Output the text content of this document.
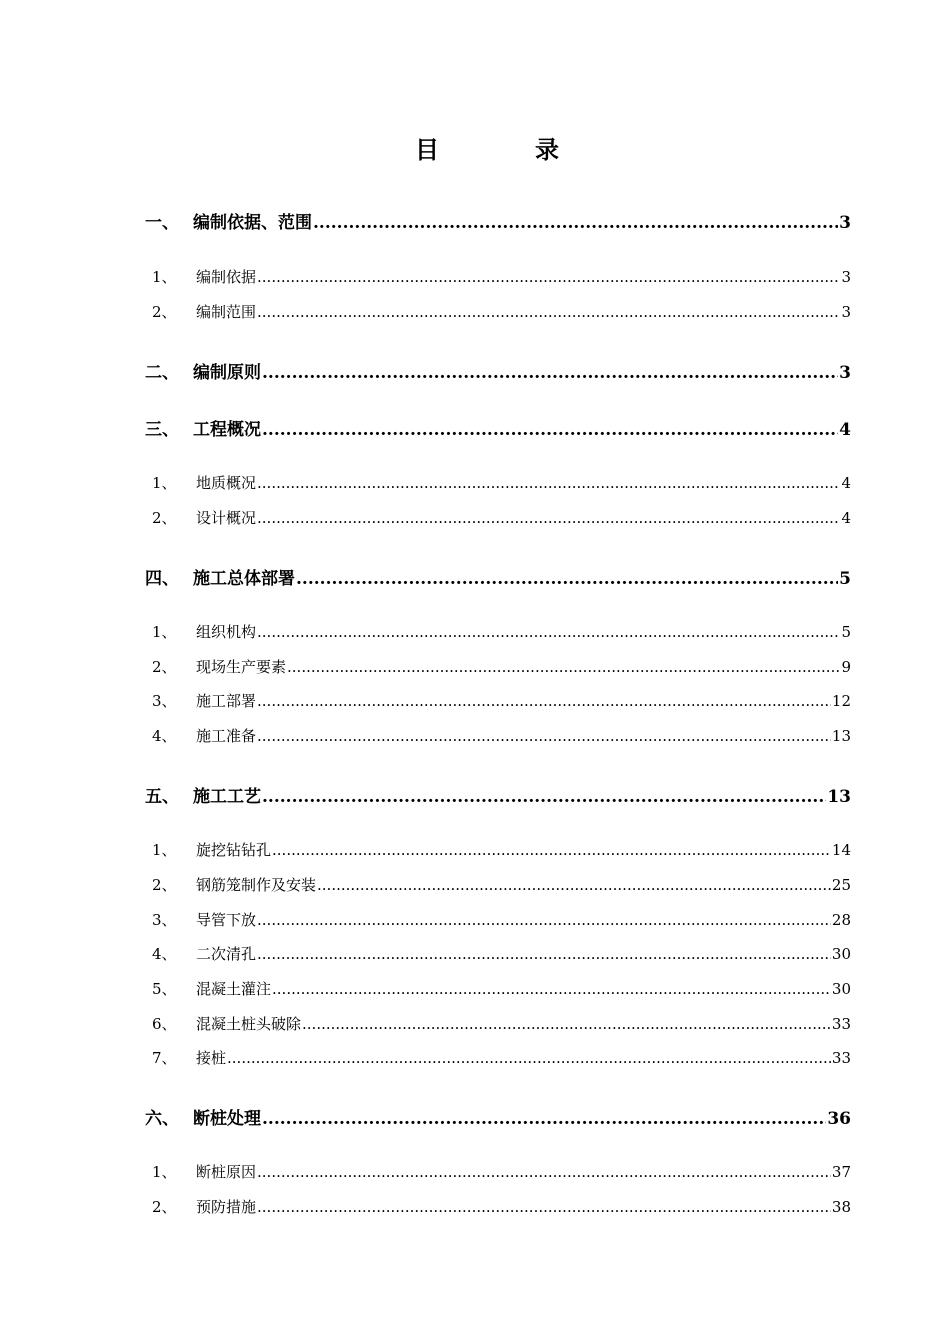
目　录
一、 编制依据、范围 .....	3
1、	编制依据 .....	3
2、	编制范围 .....	3
二、 编制原则 .....	3
三、 工程概况 .....	4
1、	地质概况 .....	4
2、	设计概况 .....	4
四、 施工总体部署 .....	5
1、	组织机构 .....	5
2、	现场生产要素 .....	9
3、	施工部署 .....	12
4、	施工准备 .....	13
五、 施工工艺 .....	13
1、	旋挖钻钻孔 .....	14
2、	钢筋笼制作及安装 .....	25
3、	导管下放 .....	28
4、	二次清孔 .....	30
5、	混凝土灌注 .....	30
6、	混凝土桩头破除 .....	33
7、	接桩 .....	33
六、 断桩处理 .....	36
1、	断桩原因 .....	37
2、	预防措施 .....	38
